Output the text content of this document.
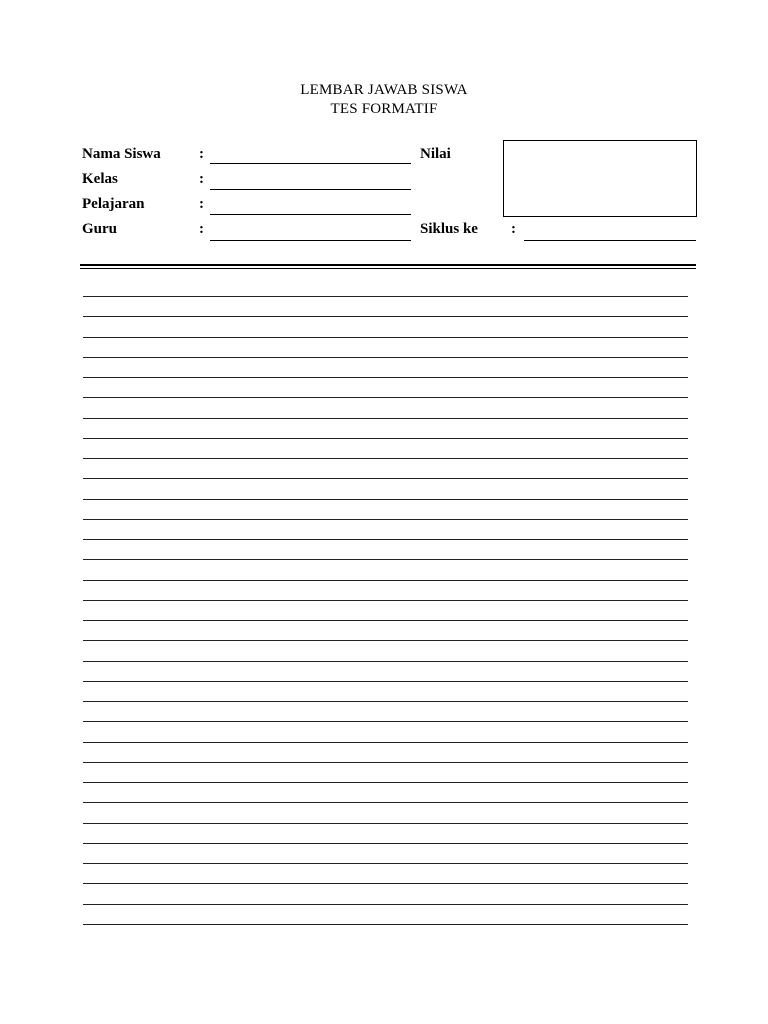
LEMBAR JAWAB SISWA
TES FORMATIF
Nama Siswa	:
Kelas	:
Pelajaran	:
Guru	:
Nilai
Siklus ke :
